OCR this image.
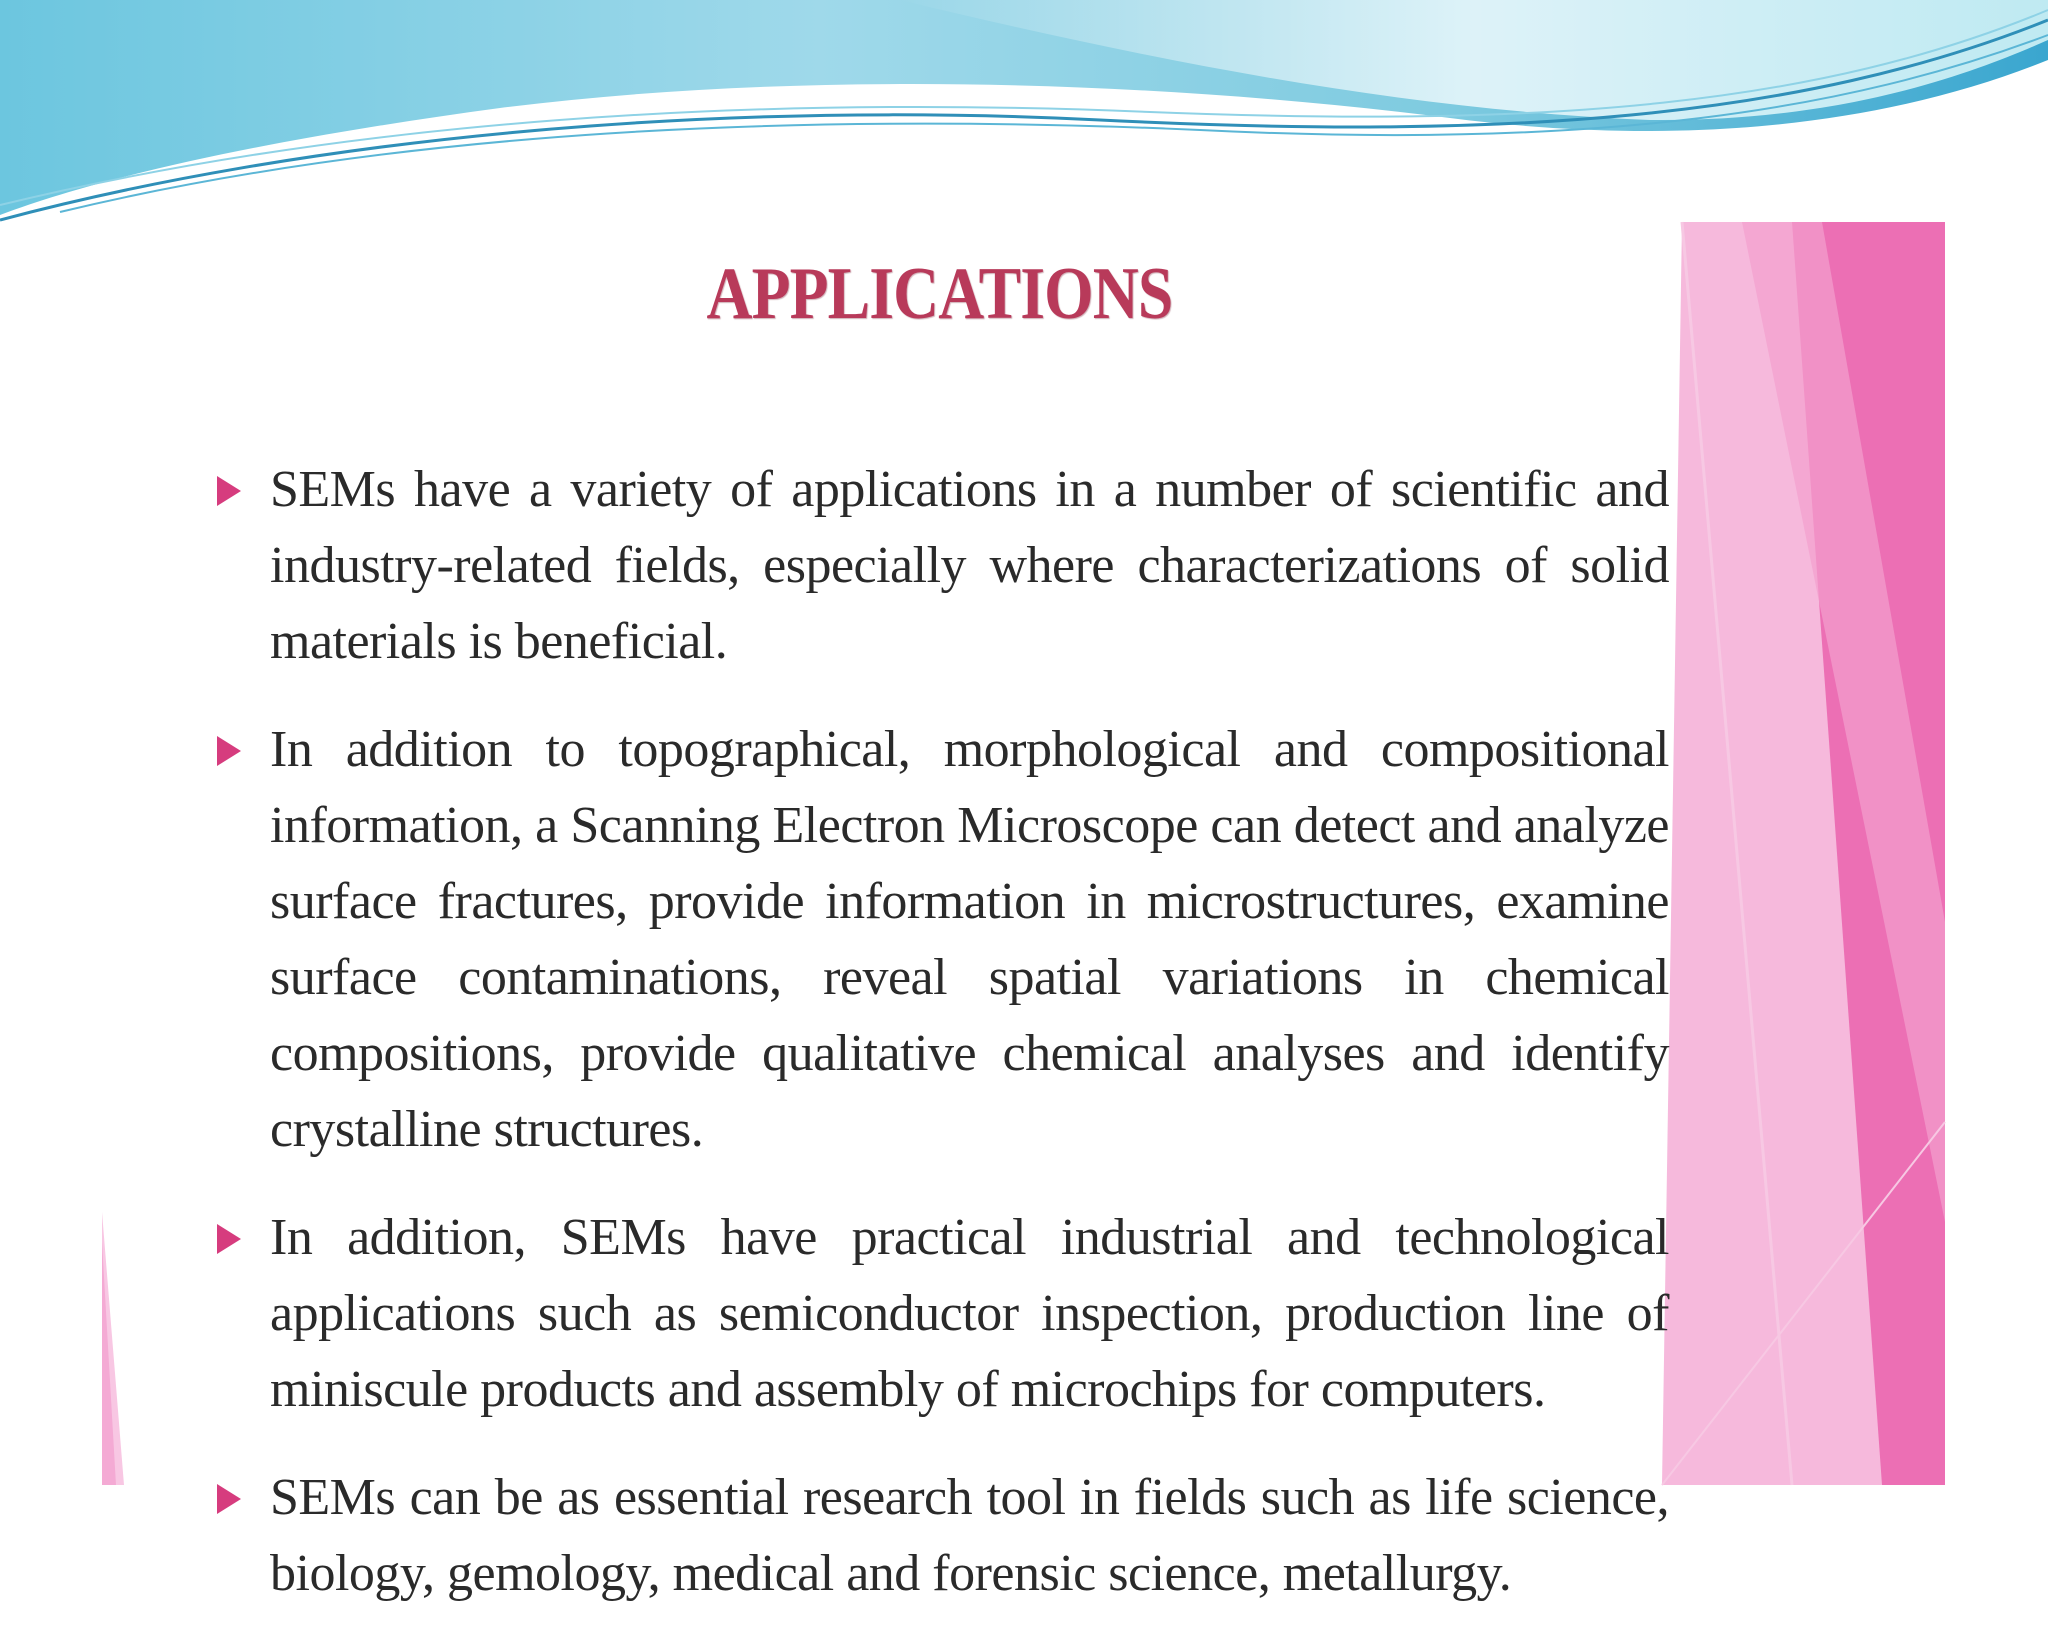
APPLICATIONS
SEMs have a variety of applications in a number of scientific and industry-related fields, especially where characterizations of solid materials is beneficial.
In addition to topographical, morphological and compositional information, a Scanning Electron Microscope can detect and analyze surface fractures, provide information in microstructures, examine surface contaminations, reveal spatial variations in chemical compositions, provide qualitative chemical analyses and identify crystalline structures.
In addition, SEMs have practical industrial and technological applications such as semiconductor inspection, production line of miniscule products and assembly of microchips for computers.
SEMs can be as essential research tool in fields such as life science, biology, gemology, medical and forensic science, metallurgy.
